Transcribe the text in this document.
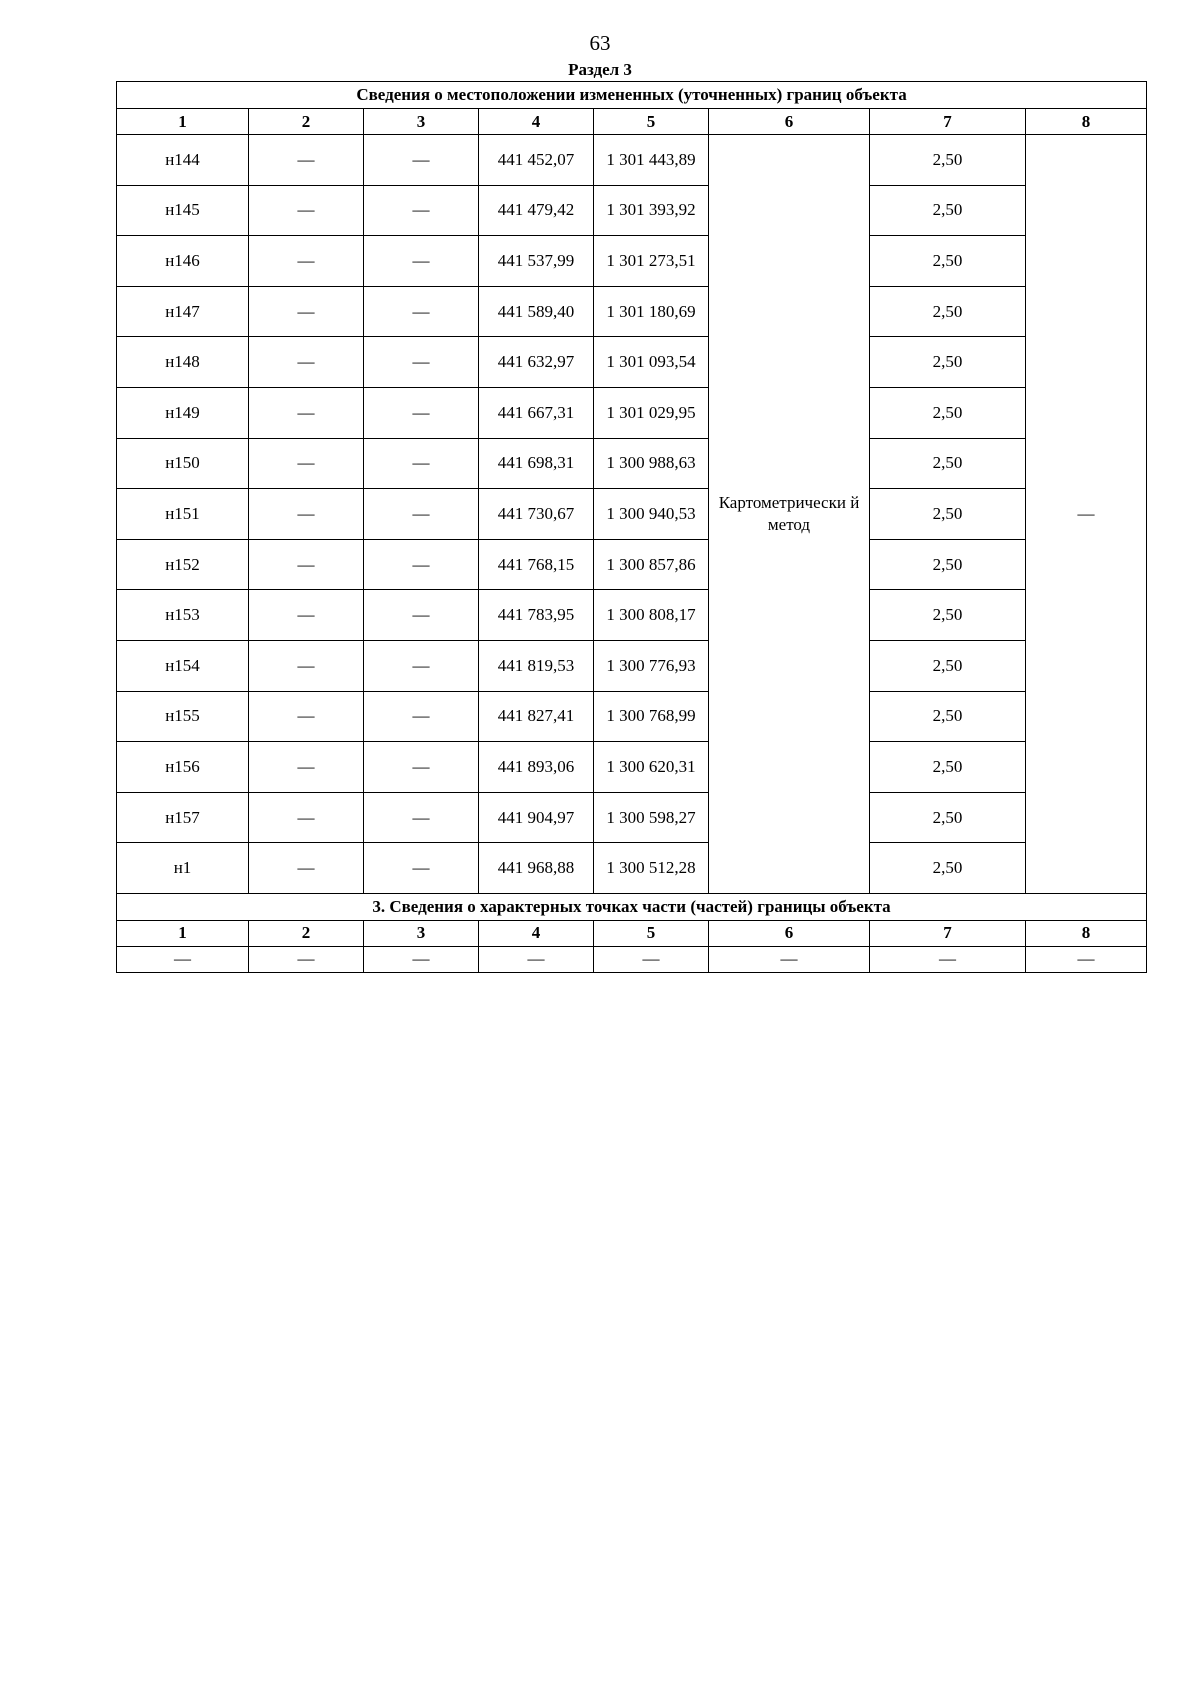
63
Раздел 3
Сведения о местоположении измененных (уточненных) границ объекта							
1	2	3	4	5	6	7	8
н144	—	—	441 452,07	1 301 443,89	Картометрически й метод	2,50	—
н145	—	—	441 479,42	1 301 393,92		2,50	
н146	—	—	441 537,99	1 301 273,51		2,50	
н147	—	—	441 589,40	1 301 180,69		2,50	
н148	—	—	441 632,97	1 301 093,54		2,50	
н149	—	—	441 667,31	1 301 029,95		2,50	
н150	—	—	441 698,31	1 300 988,63		2,50	
н151	—	—	441 730,67	1 300 940,53		2,50	
н152	—	—	441 768,15	1 300 857,86		2,50	
н153	—	—	441 783,95	1 300 808,17		2,50	
н154	—	—	441 819,53	1 300 776,93		2,50	
н155	—	—	441 827,41	1 300 768,99		2,50	
н156	—	—	441 893,06	1 300 620,31		2,50	
н157	—	—	441 904,97	1 300 598,27		2,50	
н1	—	—	441 968,88	1 300 512,28		2,50	
3. Сведения о характерных точках части (частей) границы объекта							
1	2	3	4	5	6	7	8
—	—	—	—	—	—	—	—
